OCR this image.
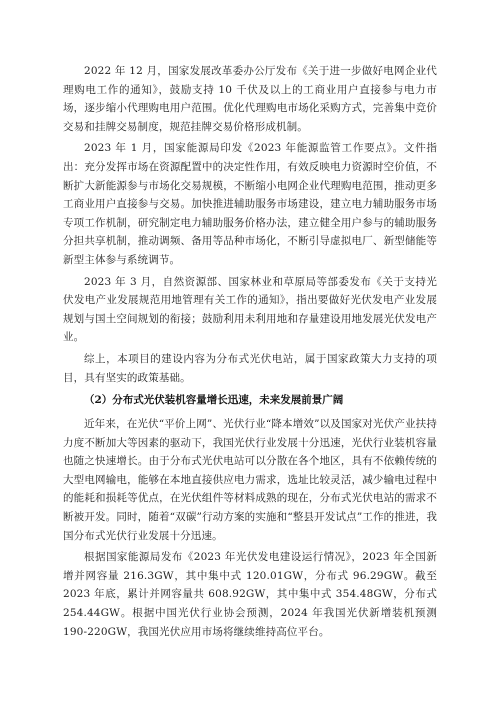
2022 年 12 月，国家发展改革委办公厅发布《关于进一步做好电网企业代理购电工作的通知》，鼓励支持 10 千伏及以上的工商业用户直接参与电力市场，逐步缩小代理购电用户范围。优化代理购电市场化采购方式，完善集中竞价交易和挂牌交易制度，规范挂牌交易价格形成机制。

2023 年 1 月，国家能源局印发《2023 年能源监管工作要点》。文件指出：充分发挥市场在资源配置中的决定性作用，有效反映电力资源时空价值，不断扩大新能源参与市场化交易规模，不断缩小电网企业代理购电范围，推动更多工商业用户直接参与交易。加快推进辅助服务市场建设，建立电力辅助服务市场专项工作机制，研究制定电力辅助服务价格办法，建立健全用户参与的辅助服务分担共享机制，推动调频、备用等品种市场化，不断引导虚拟电厂、新型储能等新型主体参与系统调节。

2023 年 3 月，自然资源部、国家林业和草原局等部委发布《关于支持光伏发电产业发展规范用地管理有关工作的通知》，指出要做好光伏发电产业发展规划与国土空间规划的衔接；鼓励利用未利用地和存量建设用地发展光伏发电产业。

综上，本项目的建设内容为分布式光伏电站，属于国家政策大力支持的项目，具有坚实的政策基础。

（2）分布式光伏装机容量增长迅速，未来发展前景广阔

近年来，在光伏“平价上网”、光伏行业“降本增效”以及国家对光伏产业扶持力度不断加大等因素的驱动下，我国光伏行业发展十分迅速，光伏行业装机容量也随之快速增长。由于分布式光伏电站可以分散在各个地区，具有不依赖传统的大型电网输电，能够在本地直接供应电力需求，选址比较灵活，减少输电过程中的能耗和损耗等优点，在光伏组件等材料成熟的现在，分布式光伏电站的需求不断被开发。同时，随着“双碳”行动方案的实施和“整县开发试点”工作的推进，我国分布式光伏行业发展十分迅速。

根据国家能源局发布《2023 年光伏发电建设运行情况》，2023 年全国新增并网容量 216.3GW，其中集中式 120.01GW，分布式 96.29GW。截至 2023 年底，累计并网容量共 608.92GW，其中集中式 354.48GW，分布式 254.44GW。根据中国光伏行业协会预测，2024 年我国光伏新增装机预测 190-220GW，我国光伏应用市场将继续维持高位平台。
